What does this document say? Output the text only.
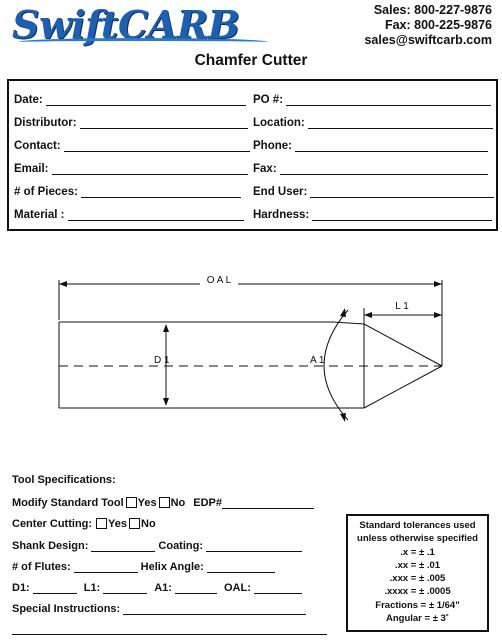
SwiftCARB	Sales: 800-227-9876
Fax: 800-225-9876
sales@swiftcarb.com
Chamfer Cutter
Date:	PO #:
Distributor:	Location:
Contact:	Phone:
Email:	Fax:
# of Pieces:	End User:
Material :	Hardness:
O A L
L 1
D 1	A 1
Tool Specifications:
Modify Standard Tool Yes No EDP#
Center Cutting: Yes No
Shank Design:	Coating:
# of Flutes:	Helix Angle:
D1:	L1:	A1:	OAL:
Special Instructions:
Standard tolerances used
unless otherwise specified
.x = ± .1
.xx = ± .01
.xxx = ± .005
.xxxx = ± .0005
Fractions = ± 1/64"
Angular = ± 3˚
